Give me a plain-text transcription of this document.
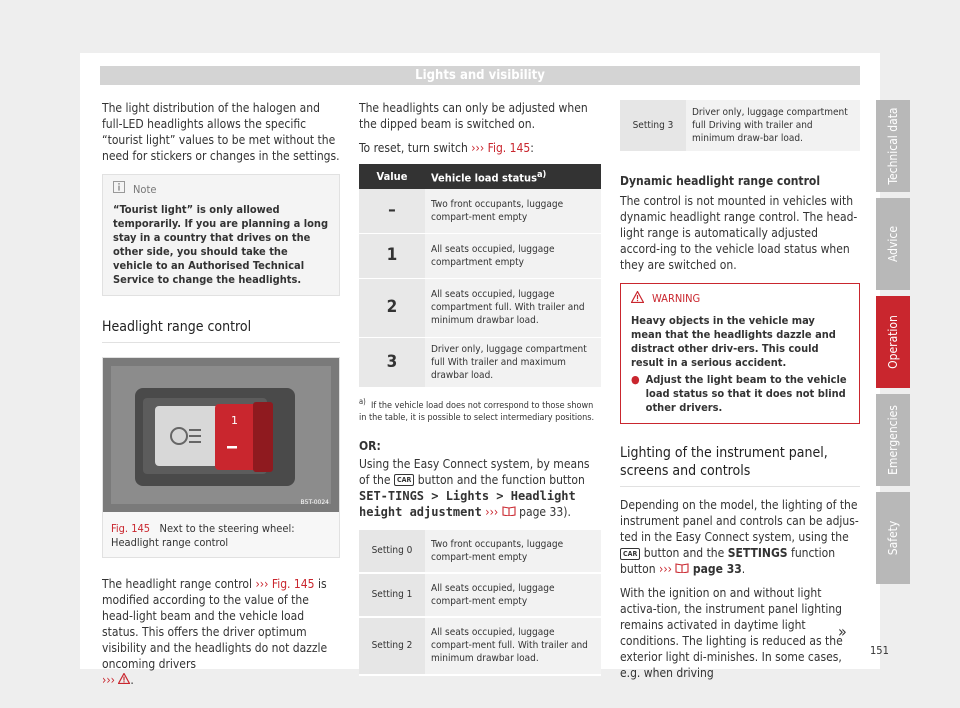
Lights and visibility

The light distribution of the halogen and full-LED headlights allows the specific “tourist light” values to be met without the need for stickers or changes in the settings.

Note
“Tourist light” is only allowed temporarily. If you are planning a long stay in a country that drives on the other side, you should take the vehicle to an Authorised Technical Service to change the headlights.
Headlight range control
1
B5T-0024
Fig. 145 Next to the steering wheel: Headlight range control

The headlight range control ››› Fig. 145 is modified according to the value of the head-light beam and the vehicle load status. This offers the driver optimum visibility and the headlights do not dazzle oncoming drivers
››› .

The headlights can only be adjusted when the dipped beam is switched on.

To reset, turn switch ››› Fig. 145:

Value	Vehicle load status$^{a)}$
–	Two front occupants, luggage compart-ment empty
1	All seats occupied, luggage compartment empty
2	All seats occupied, luggage compartment full. With trailer and minimum drawbar load.
3	Driver only, luggage compartment full With trailer and maximum drawbar load.
$^{a)}$ If the vehicle load does not correspond to those shown in the table, it is possible to select intermediary positions.

OR:

Using the Easy Connect system, by means of the CAR button and the function button SET-TINGS > Lights > Headlight height adjustment ››› page 33).

Setting 0	Two front occupants, luggage compart-ment empty
Setting 1	All seats occupied, luggage compart-ment empty
Setting 2	All seats occupied, luggage compart-ment full. With trailer and minimum drawbar load.
Setting 3	Driver only, luggage compartment full Driving with trailer and minimum draw-bar load.

Dynamic headlight range control

The control is not mounted in vehicles with dynamic headlight range control. The head-light range is automatically adjusted accord-ing to the vehicle load status when they are switched on.

WARNING
Heavy objects in the vehicle may mean that the headlights dazzle and distract other driv-ers. This could result in a serious accident.
● Adjust the light beam to the vehicle load status so that it does not blind other drivers.
Lighting of the instrument panel, screens and controls

Depending on the model, the lighting of the instrument panel and controls can be adjus-ted in the Easy Connect system, using the CAR button and the SETTINGS function button ››› page 33.

With the ignition on and without light activa-tion, the instrument panel lighting remains activated in daytime light conditions. The lighting is reduced as the exterior light di-minishes. In some cases, e.g. when driving

»
Technical data
Advice
Operation
Emergencies
Safety
151
